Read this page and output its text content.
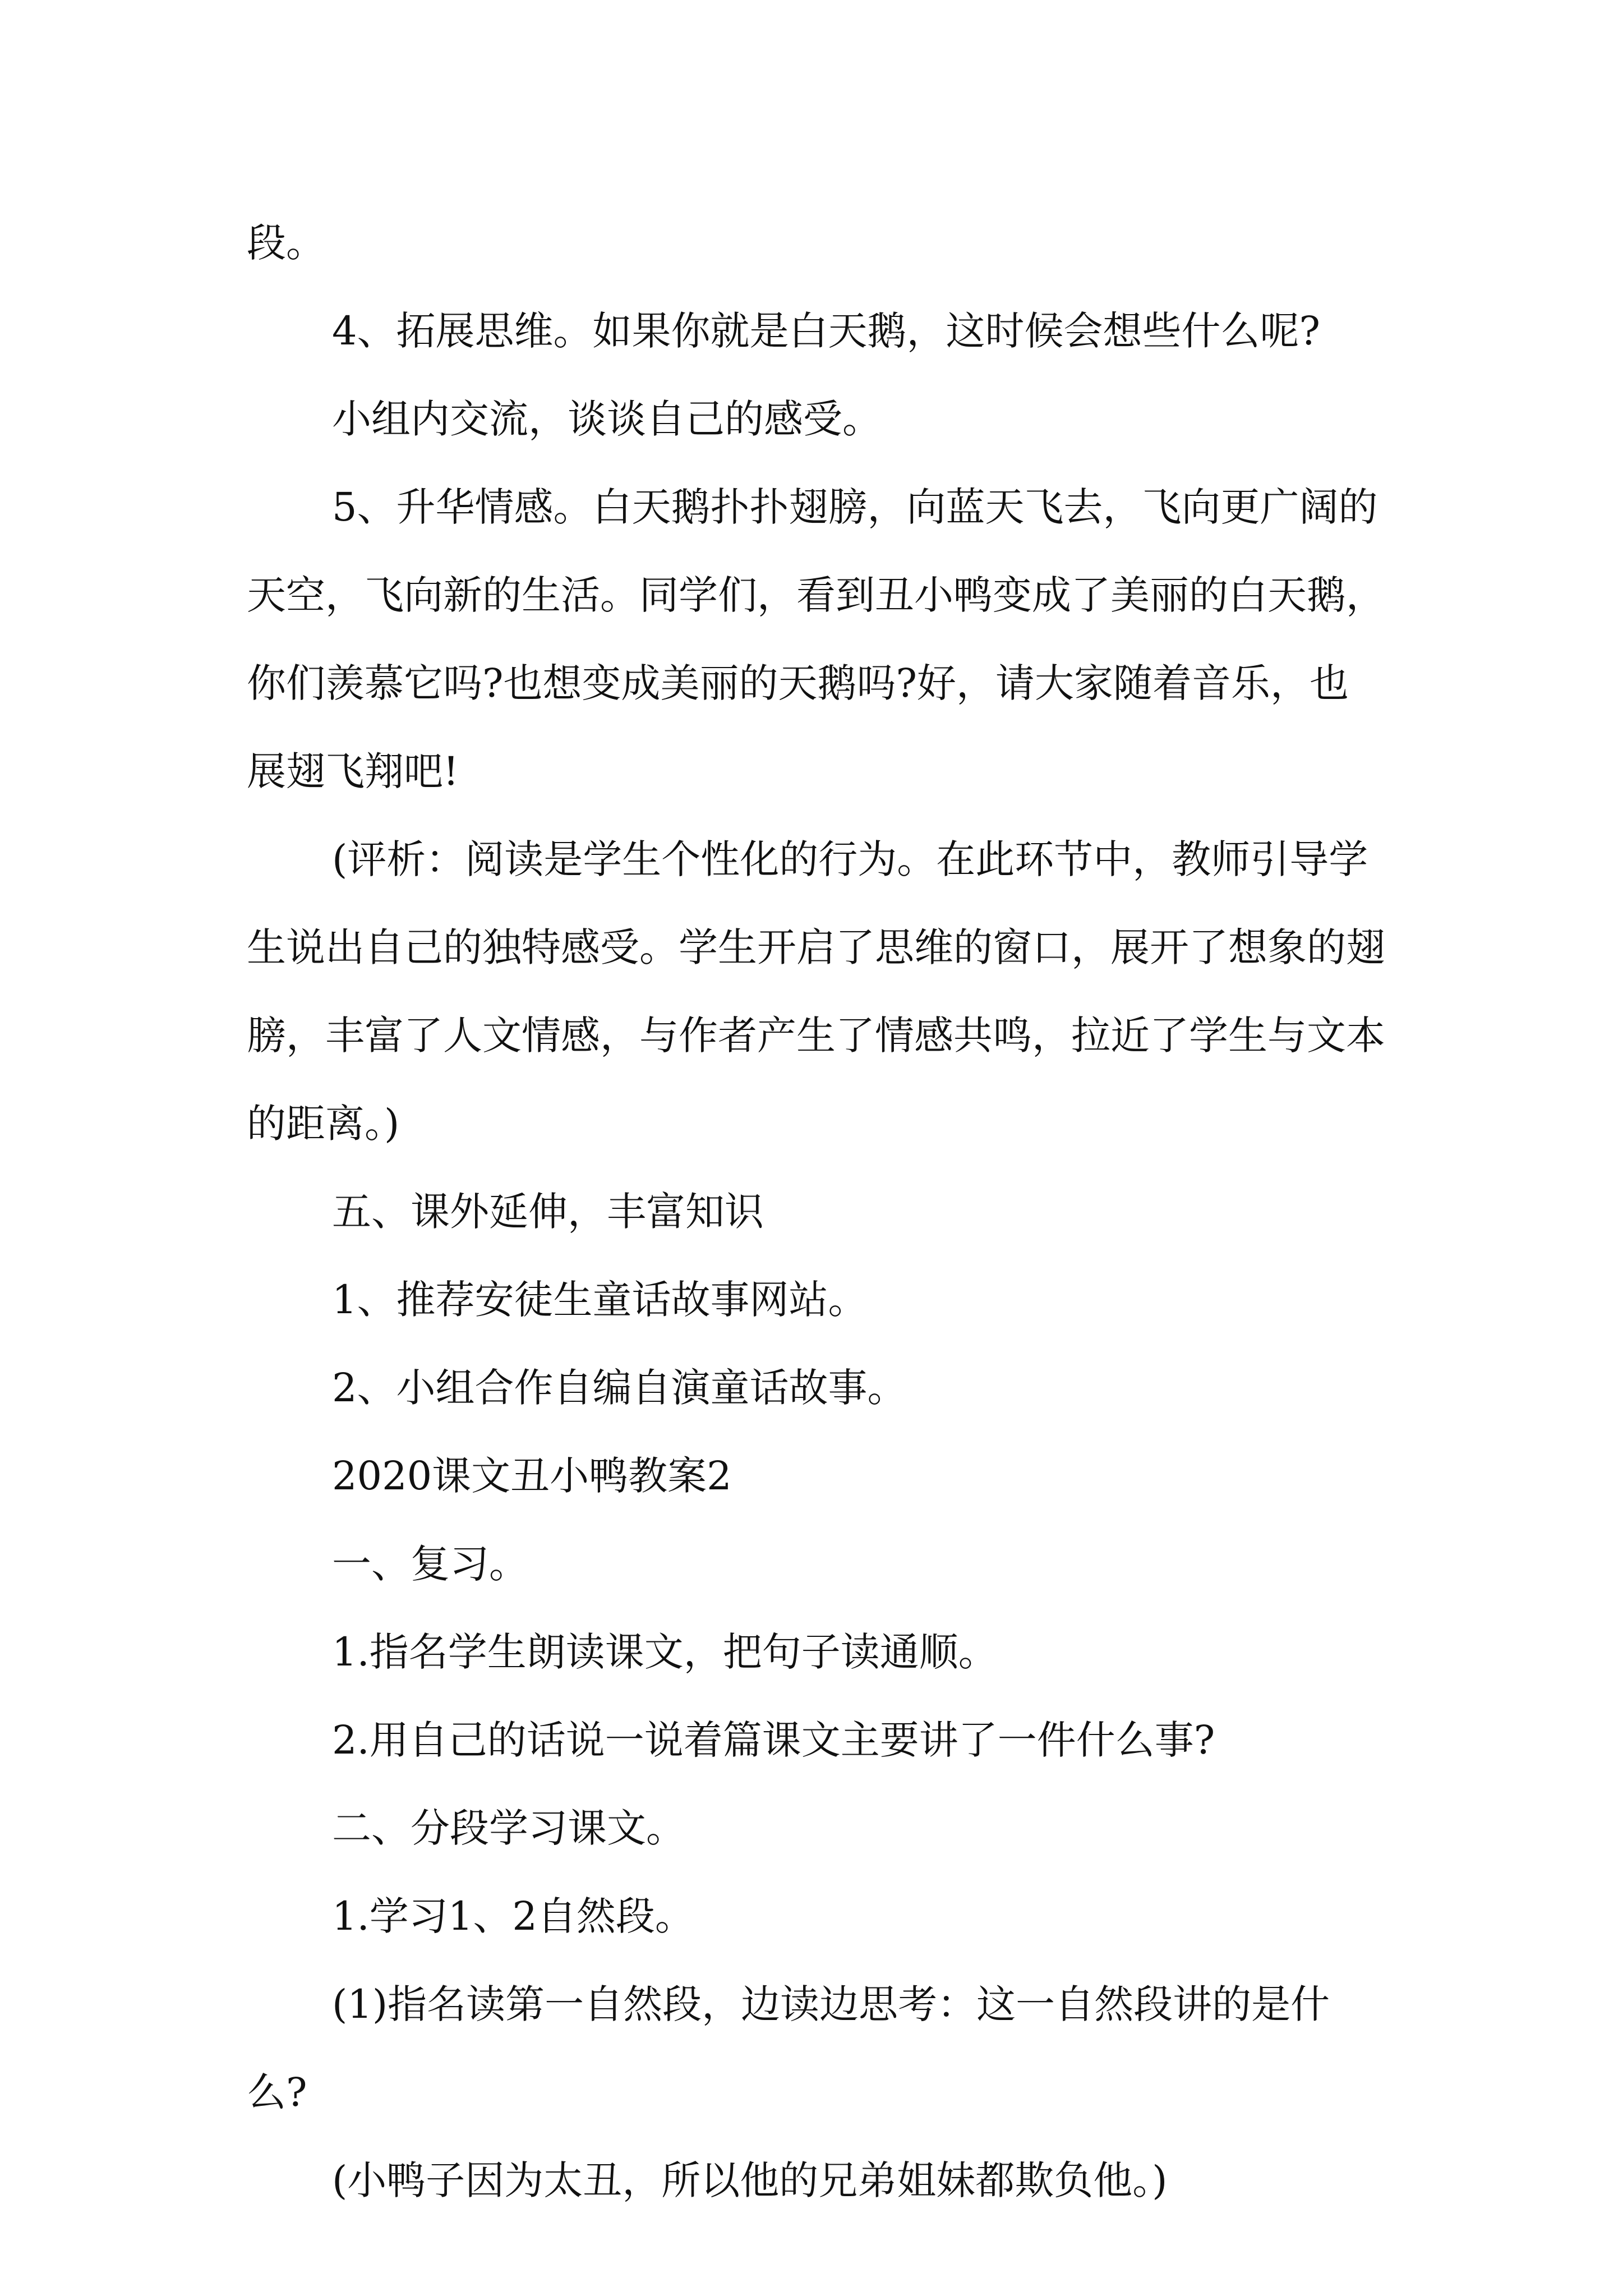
段。

4、拓展思维。如果你就是白天鹅，这时候会想些什么呢?

小组内交流，谈谈自己的感受。

5、升华情感。白天鹅扑扑翅膀，向蓝天飞去，飞向更广阔的天空，飞向新的生活。同学们，看到丑小鸭变成了美丽的白天鹅，你们羡慕它吗?也想变成美丽的天鹅吗?好，请大家随着音乐，也展翅飞翔吧!

(评析：阅读是学生个性化的行为。在此环节中，教师引导学生说出自己的独特感受。学生开启了思维的窗口，展开了想象的翅膀，丰富了人文情感，与作者产生了情感共鸣，拉近了学生与文本的距离。)

五、课外延伸，丰富知识

1、推荐安徒生童话故事网站。

2、小组合作自编自演童话故事。

2020课文丑小鸭教案2

一、复习。

1.指名学生朗读课文，把句子读通顺。

2.用自己的话说一说着篇课文主要讲了一件什么事?

二、分段学习课文。

1.学习1、2自然段。

(1)指名读第一自然段，边读边思考：这一自然段讲的是什么?

(小鸭子因为太丑，所以他的兄弟姐妹都欺负他。)
